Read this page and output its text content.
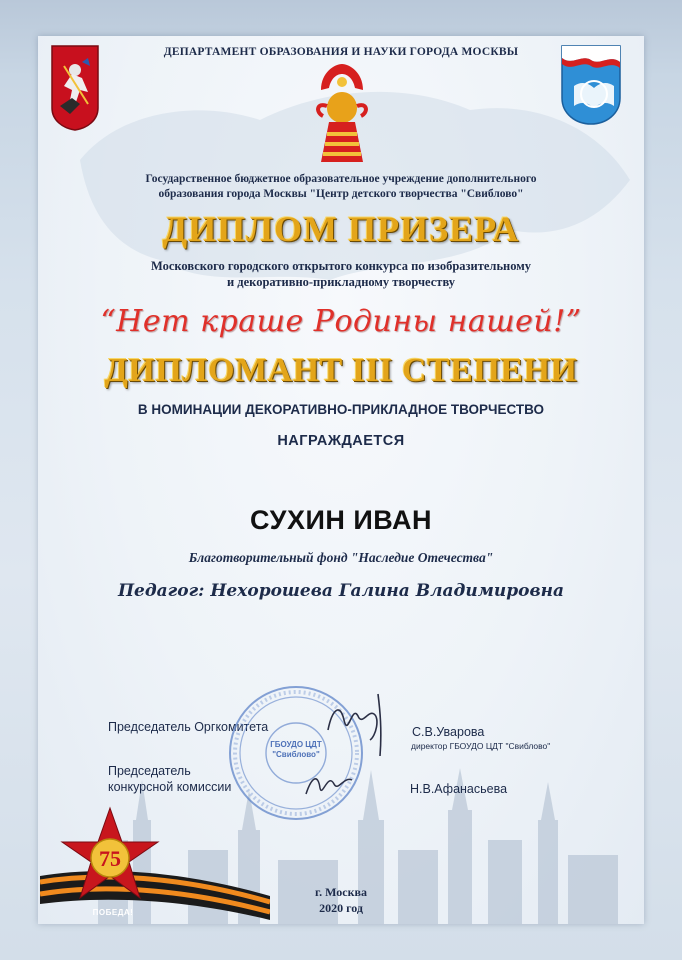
ДЕПАРТАМЕНТ ОБРАЗОВАНИЯ И НАУКИ ГОРОДА МОСКВЫ
Государственное бюджетное образовательное учреждение дополнительного
образования города Москвы "Центр детского творчества "Свиблово"
ДИПЛОМ ПРИЗЕРА
Московского городского открытого конкурса по изобразительному
и декоративно-прикладному творчеству
“Нет краше Родины нашей!”
ДИПЛОМАНТ III СТЕПЕНИ
В НОМИНАЦИИ ДЕКОРАТИВНО-ПРИКЛАДНОЕ ТВОРЧЕСТВО
НАГРАЖДАЕТСЯ
СУХИН ИВАН
Благотворительный фонд "Наследие Отечества"
Педагог: Нехорошева Галина Владимировна
Председатель Оргкомитета	С.В.Уварова
директор ГБОУДО ЦДТ "Свиблово"
Председатель
конкурсной комиссии	Н.В.Афанасьева
ГБОУДО ЦДТ
"Свиблово"
75
ПОБЕДА!
г. Москва
2020 год
